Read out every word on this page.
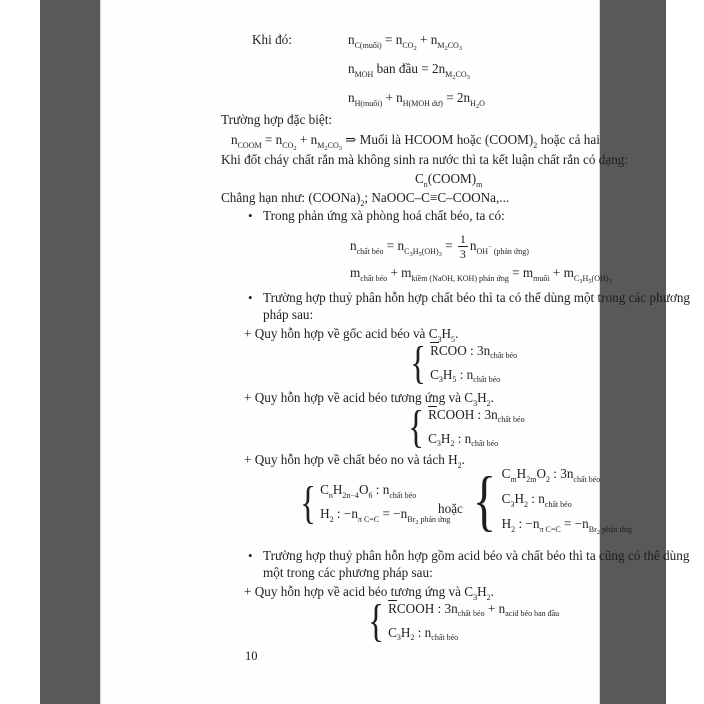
Khi đó:	$n_{C(muối)} = n_{CO2} + n_{M2CO3}$
$n_{MOH}$ ban đầu = $2n_{M2CO3}$
$n_{H(muối)} + n_{H(MOH dư)} = 2n_{H2O}$
Trường hợp đặc biệt:
$n_{COOM} = n_{CO2} + n_{M2CO3}$ ⇒ Muối là HCOOM hoặc $(COOM)_2$ hoặc cả hai
Khi đốt cháy chất rắn mà không sinh ra nước thì ta kết luận chất rắn có dạng:
$C_n(COOM)_m$
Chẳng hạn như: $(COONa)_2$; NaOOC–C≡C–COONa,...
• Trong phản ứng xà phòng hoá chất béo, ta có:
$n_{chất béo} = n_{C3H5(OH)3} = \frac{1}{3} n_{OH}- _{(phản ứng)}$
$m_{chất béo} + m_{kiềm (NaOH, KOH) phản ứng} = m_{muối} + m_{C3H5(OH)3}$
• Trường hợp thuỷ phân hỗn hợp chất béo thì ta có thể dùng một trong các phương pháp sau:
+ Quy hỗn hợp về gốc acid béo và $C_3H_5$.
{
$\overline{R}COO$ : $3n_{chất béo}$
$C_3H_5$ : $n_{chất béo}$
+ Quy hỗn hợp về acid béo tương ứng và $C_3H_2$.
{
$\overline{R}COOH$ : $3n_{chất béo}$
$C_3H_2$ : $n_{chất béo}$
+ Quy hỗn hợp về chất béo no và tách $H_2$.
{
$C_nH_{2n-4}O_6$ : $n_{chất béo}$
$H_2$ : $-n_{\pi C=C} = -n_{Br2}$ $_{phản ứng}$
hoặc
{
$C_mH_{2m}O_2$ : $3n_{chất béo}$
$C_3H_2$ : $n_{chất béo}$
$H_2$ : $-n_{\pi C=C} = -n_{Br2}$ $_{phản ứng}$
• Trường hợp thuỷ phân hỗn hợp gồm acid béo và chất béo thì ta cũng có thể dùng một trong các phương pháp sau:
+ Quy hỗn hợp về acid béo tương ứng và $C_3H_2$.
{
$\overline{R}COOH$ : $3n_{chất béo} + n_{acid béo ban đầu}$
$C_3H_2$ : $n_{chất béo}$
10
